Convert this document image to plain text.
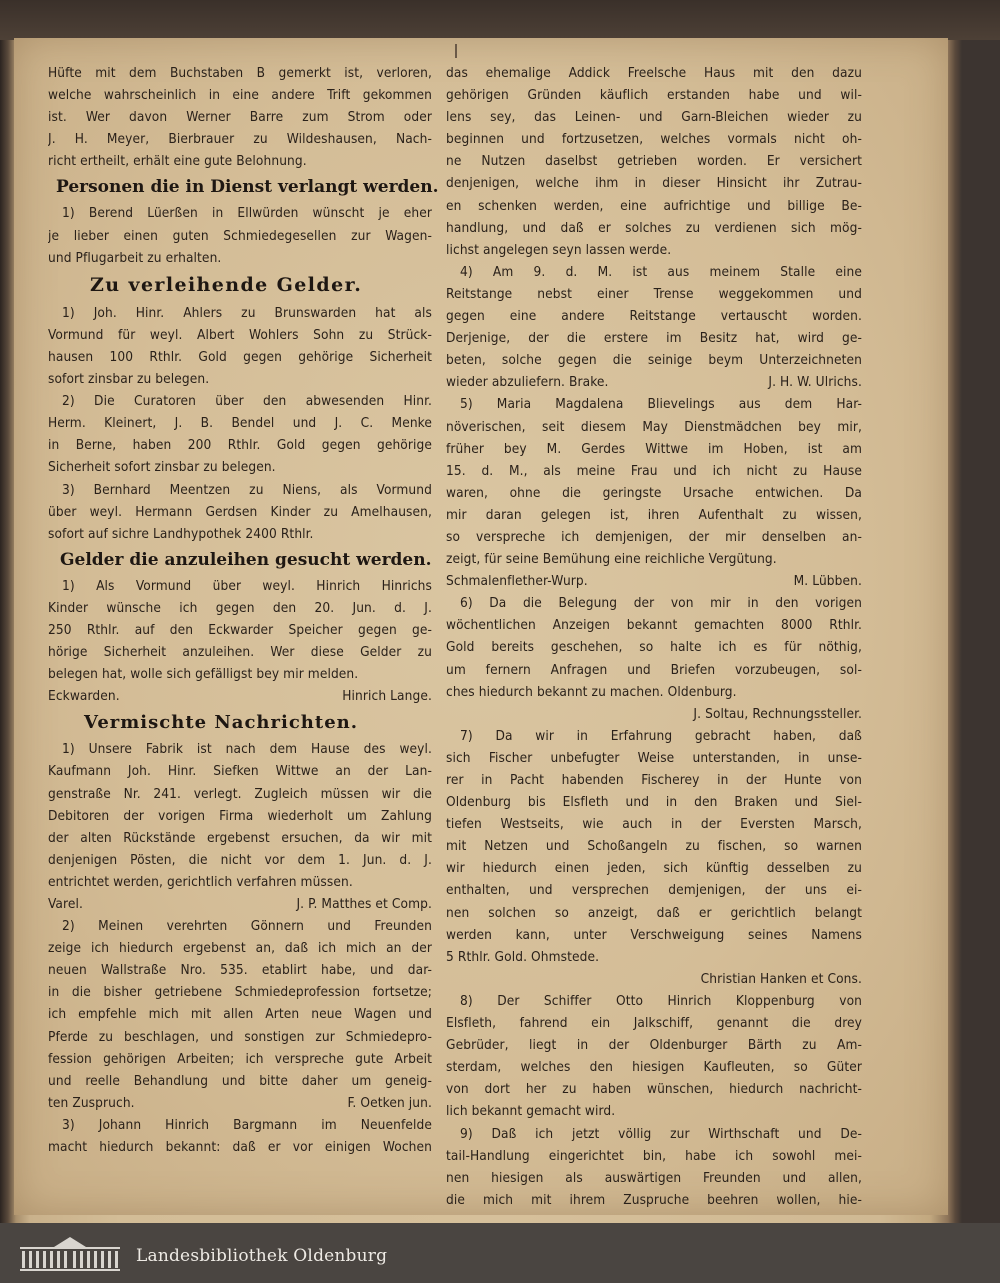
Hüfte mit dem Buchstaben B gemerkt ist, verloren,
welche wahrscheinlich in eine andere Trift gekommen
ist. Wer davon Werner Barre zum Strom oder
J. H. Meyer, Bierbrauer zu Wildeshausen, Nach-
richt ertheilt, erhält eine gute Belohnung.
Personen die in Dienst verlangt werden.
1) Berend Lüerßen in Ellwürden wünscht je eher
je lieber einen guten Schmiedegesellen zur Wagen-
und Pflugarbeit zu erhalten.
Zu verleihende Gelder.
1) Joh. Hinr. Ahlers zu Brunswarden hat als
Vormund für weyl. Albert Wohlers Sohn zu Strück-
hausen 100 Rthlr. Gold gegen gehörige Sicherheit
sofort zinsbar zu belegen.
2) Die Curatoren über den abwesenden Hinr.
Herm. Kleinert, J. B. Bendel und J. C. Menke
in Berne, haben 200 Rthlr. Gold gegen gehörige
Sicherheit sofort zinsbar zu belegen.
3) Bernhard Meentzen zu Niens, als Vormund
über weyl. Hermann Gerdsen Kinder zu Amelhausen,
sofort auf sichre Landhypothek 2400 Rthlr.
Gelder die anzuleihen gesucht werden.
1) Als Vormund über weyl. Hinrich Hinrichs
Kinder wünsche ich gegen den 20. Jun. d. J.
250 Rthlr. auf den Eckwarder Speicher gegen ge-
hörige Sicherheit anzuleihen. Wer diese Gelder zu
belegen hat, wolle sich gefälligst bey mir melden.
Eckwarden.	Hinrich Lange.
Vermischte Nachrichten.
1) Unsere Fabrik ist nach dem Hause des weyl.
Kaufmann Joh. Hinr. Siefken Wittwe an der Lan-
genstraße Nr. 241. verlegt. Zugleich müssen wir die
Debitoren der vorigen Firma wiederholt um Zahlung
der alten Rückstände ergebenst ersuchen, da wir mit
denjenigen Pösten, die nicht vor dem 1. Jun. d. J.
entrichtet werden, gerichtlich verfahren müssen.
Varel.	J. P. Matthes et Comp.
2) Meinen verehrten Gönnern und Freunden
zeige ich hiedurch ergebenst an, daß ich mich an der
neuen Wallstraße Nro. 535. etablirt habe, und dar-
in die bisher getriebene Schmiedeprofession fortsetze;
ich empfehle mich mit allen Arten neue Wagen und
Pferde zu beschlagen, und sonstigen zur Schmiedepro-
fession gehörigen Arbeiten; ich verspreche gute Arbeit
und reelle Behandlung und bitte daher um geneig-
ten Zuspruch.	F. Oetken jun.
3) Johann Hinrich Bargmann im Neuenfelde
macht hiedurch bekannt: daß er vor einigen Wochen
das ehemalige Addick Freelsche Haus mit den dazu
gehörigen Gründen käuflich erstanden habe und wil-
lens sey, das Leinen- und Garn-Bleichen wieder zu
beginnen und fortzusetzen, welches vormals nicht oh-
ne Nutzen daselbst getrieben worden. Er versichert
denjenigen, welche ihm in dieser Hinsicht ihr Zutrau-
en schenken werden, eine aufrichtige und billige Be-
handlung, und daß er solches zu verdienen sich mög-
lichst angelegen seyn lassen werde.
4) Am 9. d. M. ist aus meinem Stalle eine
Reitstange nebst einer Trense weggekommen und
gegen eine andere Reitstange vertauscht worden.
Derjenige, der die erstere im Besitz hat, wird ge-
beten, solche gegen die seinige beym Unterzeichneten
wieder abzuliefern. Brake.	J. H. W. Ulrichs.
5) Maria Magdalena Blievelings aus dem Har-
növerischen, seit diesem May Dienstmädchen bey mir,
früher bey M. Gerdes Wittwe im Hoben, ist am
15. d. M., als meine Frau und ich nicht zu Hause
waren, ohne die geringste Ursache entwichen. Da
mir daran gelegen ist, ihren Aufenthalt zu wissen,
so verspreche ich demjenigen, der mir denselben an-
zeigt, für seine Bemühung eine reichliche Vergütung.
Schmalenflether-Wurp.	M. Lübben.
6) Da die Belegung der von mir in den vorigen
wöchentlichen Anzeigen bekannt gemachten 8000 Rthlr.
Gold bereits geschehen, so halte ich es für nöthig,
um fernern Anfragen und Briefen vorzubeugen, sol-
ches hiedurch bekannt zu machen. Oldenburg.
J. Soltau, Rechnungssteller.
7) Da wir in Erfahrung gebracht haben, daß
sich Fischer unbefugter Weise unterstanden, in unse-
rer in Pacht habenden Fischerey in der Hunte von
Oldenburg bis Elsfleth und in den Braken und Siel-
tiefen Westseits, wie auch in der Eversten Marsch,
mit Netzen und Schoßangeln zu fischen, so warnen
wir hiedurch einen jeden, sich künftig desselben zu
enthalten, und versprechen demjenigen, der uns ei-
nen solchen so anzeigt, daß er gerichtlich belangt
werden kann, unter Verschweigung seines Namens
5 Rthlr. Gold. Ohmstede.
Christian Hanken et Cons.
8) Der Schiffer Otto Hinrich Kloppenburg von
Elsfleth, fahrend ein Jalkschiff, genannt die drey
Gebrüder, liegt in der Oldenburger Bärth zu Am-
sterdam, welches den hiesigen Kaufleuten, so Güter
von dort her zu haben wünschen, hiedurch nachricht-
lich bekannt gemacht wird.
9) Daß ich jetzt völlig zur Wirthschaft und De-
tail-Handlung eingerichtet bin, habe ich sowohl mei-
nen hiesigen als auswärtigen Freunden und allen,
die mich mit ihrem Zuspruche beehren wollen, hie-
Landesbibliothek Oldenburg
